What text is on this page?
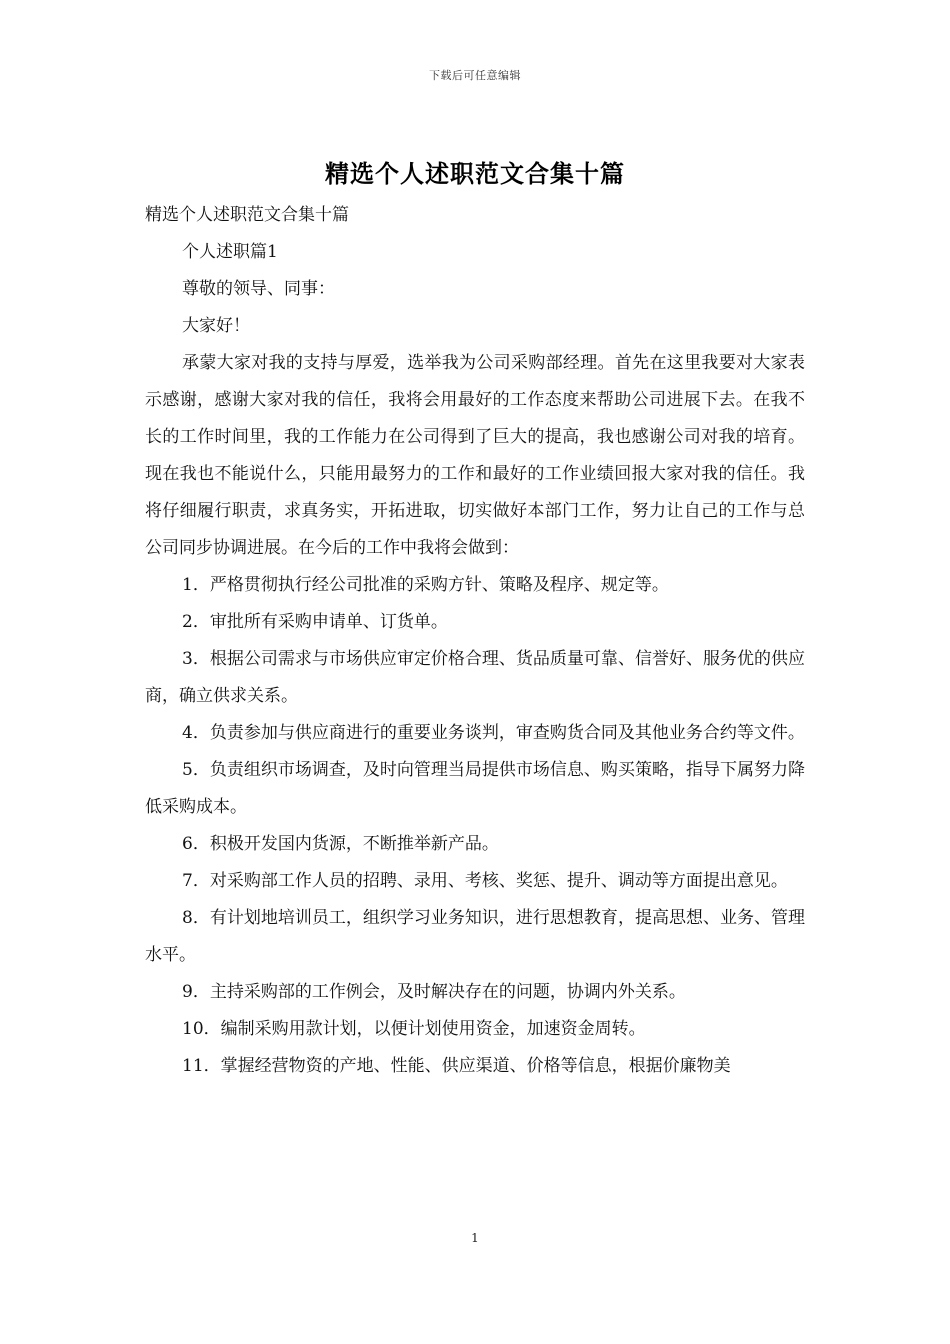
下载后可任意编辑
精选个人述职范文合集十篇

精选个人述职范文合集十篇

个人述职篇1

尊敬的领导、同事：

大家好！

承蒙大家对我的支持与厚爱，选举我为公司采购部经理。首先在这里我要对大家表示感谢，感谢大家对我的信任，我将会用最好的工作态度来帮助公司进展下去。在我不长的工作时间里，我的工作能力在公司得到了巨大的提高，我也感谢公司对我的培育。现在我也不能说什么，只能用最努力的工作和最好的工作业绩回报大家对我的信任。我将仔细履行职责，求真务实，开拓进取，切实做好本部门工作，努力让自己的工作与总公司同步协调进展。在今后的工作中我将会做到：

1．严格贯彻执行经公司批准的采购方针、策略及程序、规定等。

2．审批所有采购申请单、订货单。

3．根据公司需求与市场供应审定价格合理、货品质量可靠、信誉好、服务优的供应商，确立供求关系。

4．负责参加与供应商进行的重要业务谈判，审查购货合同及其他业务合约等文件。

5．负责组织市场调查，及时向管理当局提供市场信息、购买策略，指导下属努力降低采购成本。

6．积极开发国内货源，不断推举新产品。

7．对采购部工作人员的招聘、录用、考核、奖惩、提升、调动等方面提出意见。

8．有计划地培训员工，组织学习业务知识，进行思想教育，提高思想、业务、管理水平。

9．主持采购部的工作例会，及时解决存在的问题，协调内外关系。

10．编制采购用款计划，以便计划使用资金，加速资金周转。

11．掌握经营物资的产地、性能、供应渠道、价格等信息，根据价廉物美

1
